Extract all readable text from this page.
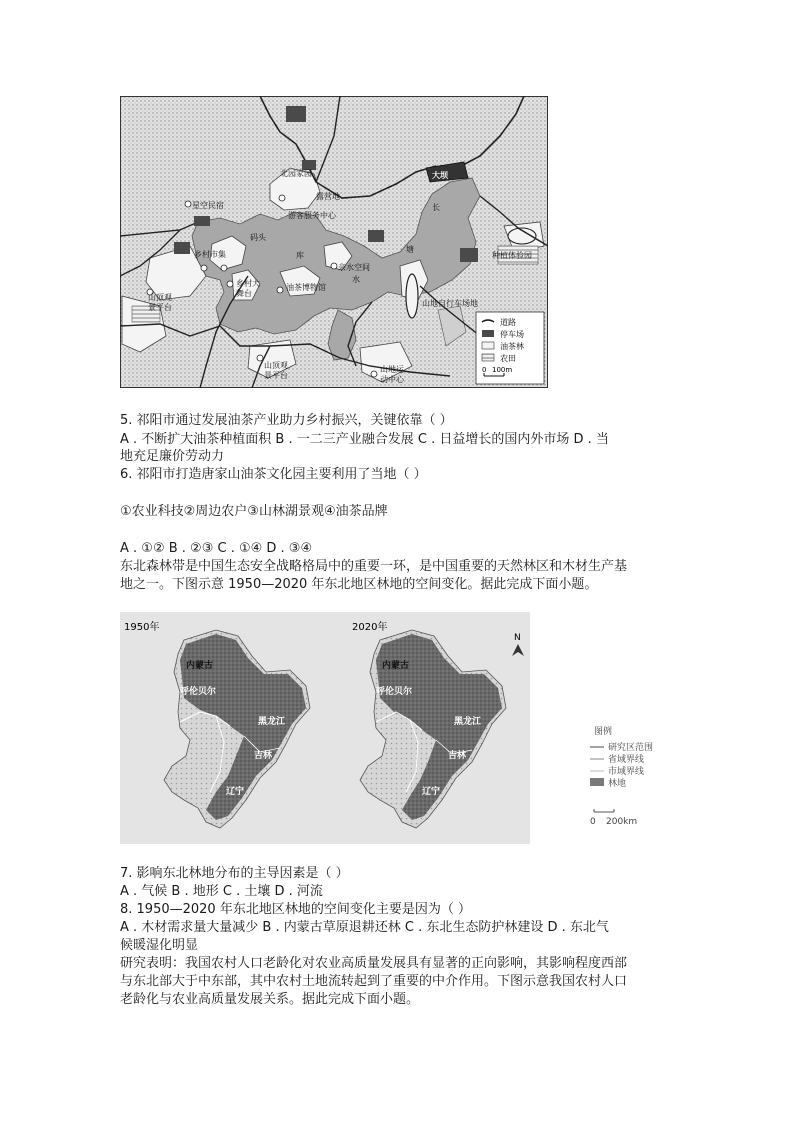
星空民宿
北园家园
露营地
游客服务中心
码头
乡村市集
乡村大
舞台
库
亲水空间
水
油茶博物馆
山顶观
景平台
山顶观
景平台
大坝
长
塘
种植体验园
山地自行车场地
山地运
动中心
道路
停车场
油茶林
农田
0 100m
5. 祁阳市通过发展油茶产业助力乡村振兴，关键依靠（ ）
A . 不断扩大油茶种植面积 B . 一二三产业融合发展 C . 日益增长的国内外市场 D . 当
地充足廉价劳动力
6. 祁阳市打造唐家山油茶文化园主要利用了当地（ ）
①农业科技②周边农户③山林湖景观④油茶品牌
A . ①② B . ②③ C . ①④ D . ③④
东北森林带是中国生态安全战略格局中的重要一环，是中国重要的天然林区和木材生产基
地之一。下图示意 1950—2020 年东北地区林地的空间变化。据此完成下面小题。
1950年
内蒙古
呼伦贝尔
黑龙江
吉林
辽宁
2020年
内蒙古
呼伦贝尔
黑龙江
吉林
辽宁
N
图例
研究区范围
省域界线
市域界线
林地
0 200km
7. 影响东北林地分布的主导因素是（ ）
A . 气候 B . 地形 C . 土壤 D . 河流
8. 1950—2020 年东北地区林地的空间变化主要是因为（ ）
A . 木材需求量大量减少 B . 内蒙古草原退耕还林 C . 东北生态防护林建设 D . 东北气
候暖湿化明显
研究表明：我国农村人口老龄化对农业高质量发展具有显著的正向影响，其影响程度西部
与东北部大于中东部，其中农村土地流转起到了重要的中介作用。下图示意我国农村人口
老龄化与农业高质量发展关系。据此完成下面小题。
